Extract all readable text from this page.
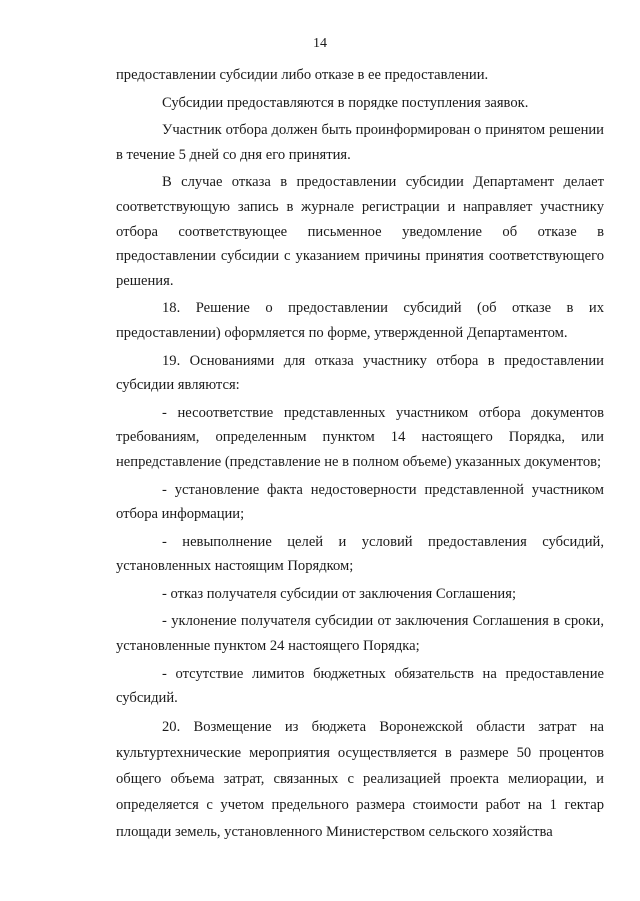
14

предоставлении субсидии либо отказе в ее предоставлении.

Субсидии предоставляются в порядке поступления заявок.

Участник отбора должен быть проинформирован о принятом решении в течение 5 дней со дня его принятия.

В случае отказа в предоставлении субсидии Департамент делает соответствующую запись в журнале регистрации и направляет участнику отбора соответствующее письменное уведомление об отказе в предоставлении субсидии с указанием причины принятия соответствующего решения.

18. Решение о предоставлении субсидий (об отказе в их предоставлении) оформляется по форме, утвержденной Департаментом.

19. Основаниями для отказа участнику отбора в предоставлении субсидии являются:

- несоответствие представленных участником отбора документов требованиям, определенным пунктом 14 настоящего Порядка, или непредставление (представление не в полном объеме) указанных документов;

- установление факта недостоверности представленной участником отбора информации;

- невыполнение целей и условий предоставления субсидий, установленных настоящим Порядком;

- отказ получателя субсидии от заключения Соглашения;

- уклонение получателя субсидии от заключения Соглашения в сроки, установленные пунктом 24 настоящего Порядка;

- отсутствие лимитов бюджетных обязательств на предоставление субсидий.

20. Возмещение из бюджета Воронежской области затрат на культуртехнические мероприятия осуществляется в размере 50 процентов общего объема затрат, связанных с реализацией проекта мелиорации, и определяется с учетом предельного размера стоимости работ на 1 гектар площади земель, установленного Министерством сельского хозяйства
